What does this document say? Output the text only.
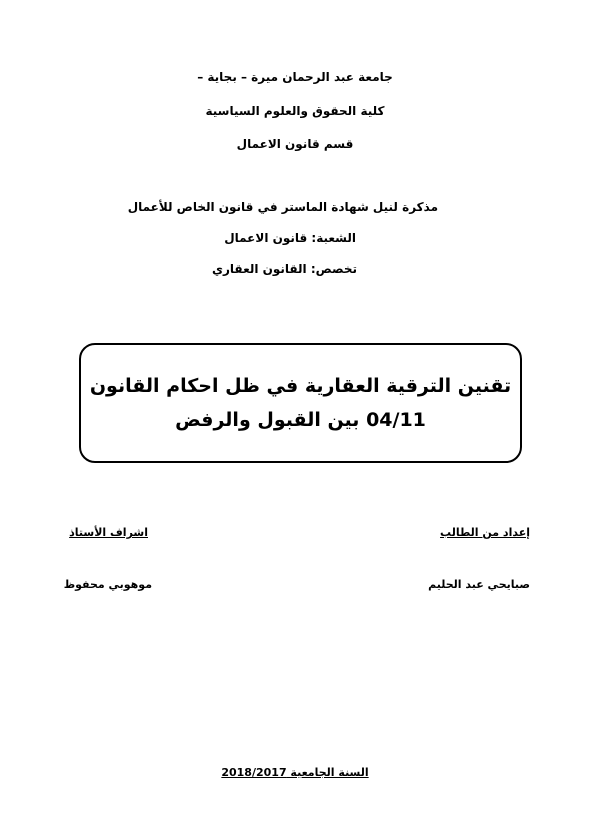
جامعة عبد الرحمان ميرة – بجاية –
كلية الحقوق والعلوم السياسية
قسم قانون الاعمال
مذكرة لنيل شهادة الماستر في قانون الخاص للأعمال
الشعبة: قانون الاعمال
تخصص: القانون العقاري
تقنين الترقية العقارية في ظل احكام القانون
04/11 بين القبول والرفض
إعداد من الطالب
اشراف الأستاذ
صبايحي عبد الحليم
موهوبي محفوظ
السنة الجامعية 2018/2017
